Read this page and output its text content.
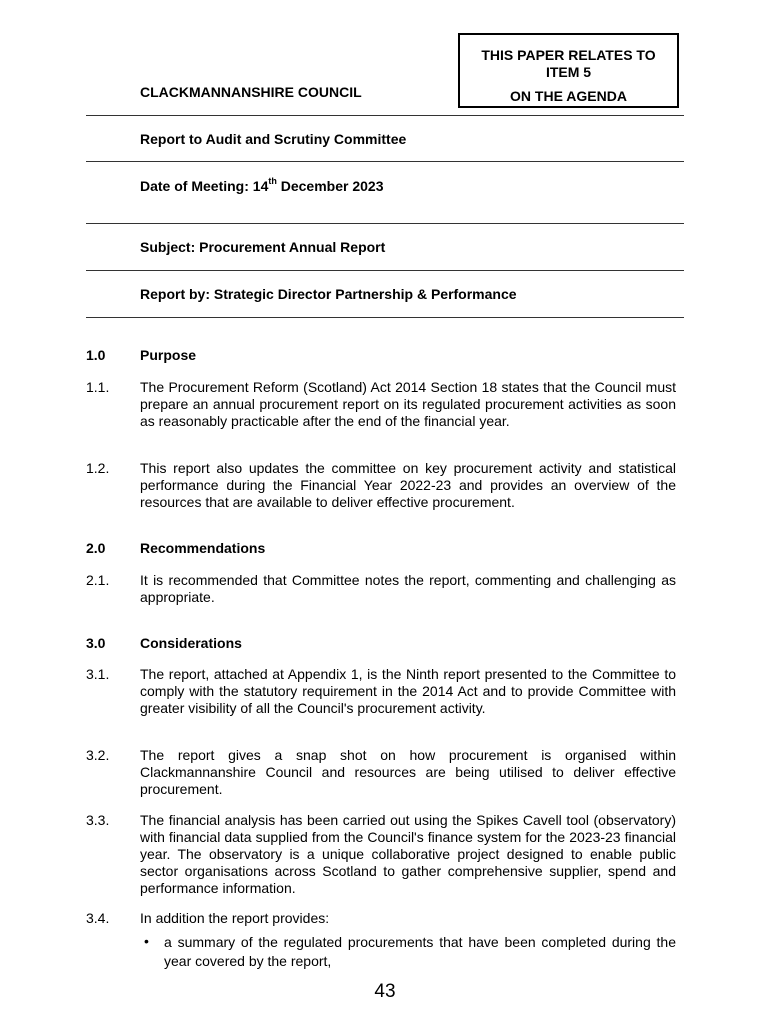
THIS PAPER RELATES TO
ITEM 5
ON THE AGENDA
CLACKMANNANSHIRE COUNCIL
Report to Audit and Scrutiny Committee
Date of Meeting: 14th December 2023
Subject: Procurement Annual Report
Report by: Strategic Director Partnership & Performance
1.0 Purpose
1.1. The Procurement Reform (Scotland) Act 2014 Section 18 states that the Council must prepare an annual procurement report on its regulated procurement activities as soon as reasonably practicable after the end of the financial year.
1.2. This report also updates the committee on key procurement activity and statistical performance during the Financial Year 2022-23 and provides an overview of the resources that are available to deliver effective procurement.
2.0 Recommendations
2.1. It is recommended that Committee notes the report, commenting and challenging as appropriate.
3.0 Considerations
3.1. The report, attached at Appendix 1, is the Ninth report presented to the Committee to comply with the statutory requirement in the 2014 Act and to provide Committee with greater visibility of all the Council's procurement activity.
3.2. The report gives a snap shot on how procurement is organised within Clackmannanshire Council and resources are being utilised to deliver effective procurement.
3.3. The financial analysis has been carried out using the Spikes Cavell tool (observatory) with financial data supplied from the Council's finance system for the 2023-23 financial year. The observatory is a unique collaborative project designed to enable public sector organisations across Scotland to gather comprehensive supplier, spend and performance information.
3.4. In addition the report provides:
• a summary of the regulated procurements that have been completed during the year covered by the report,
43
